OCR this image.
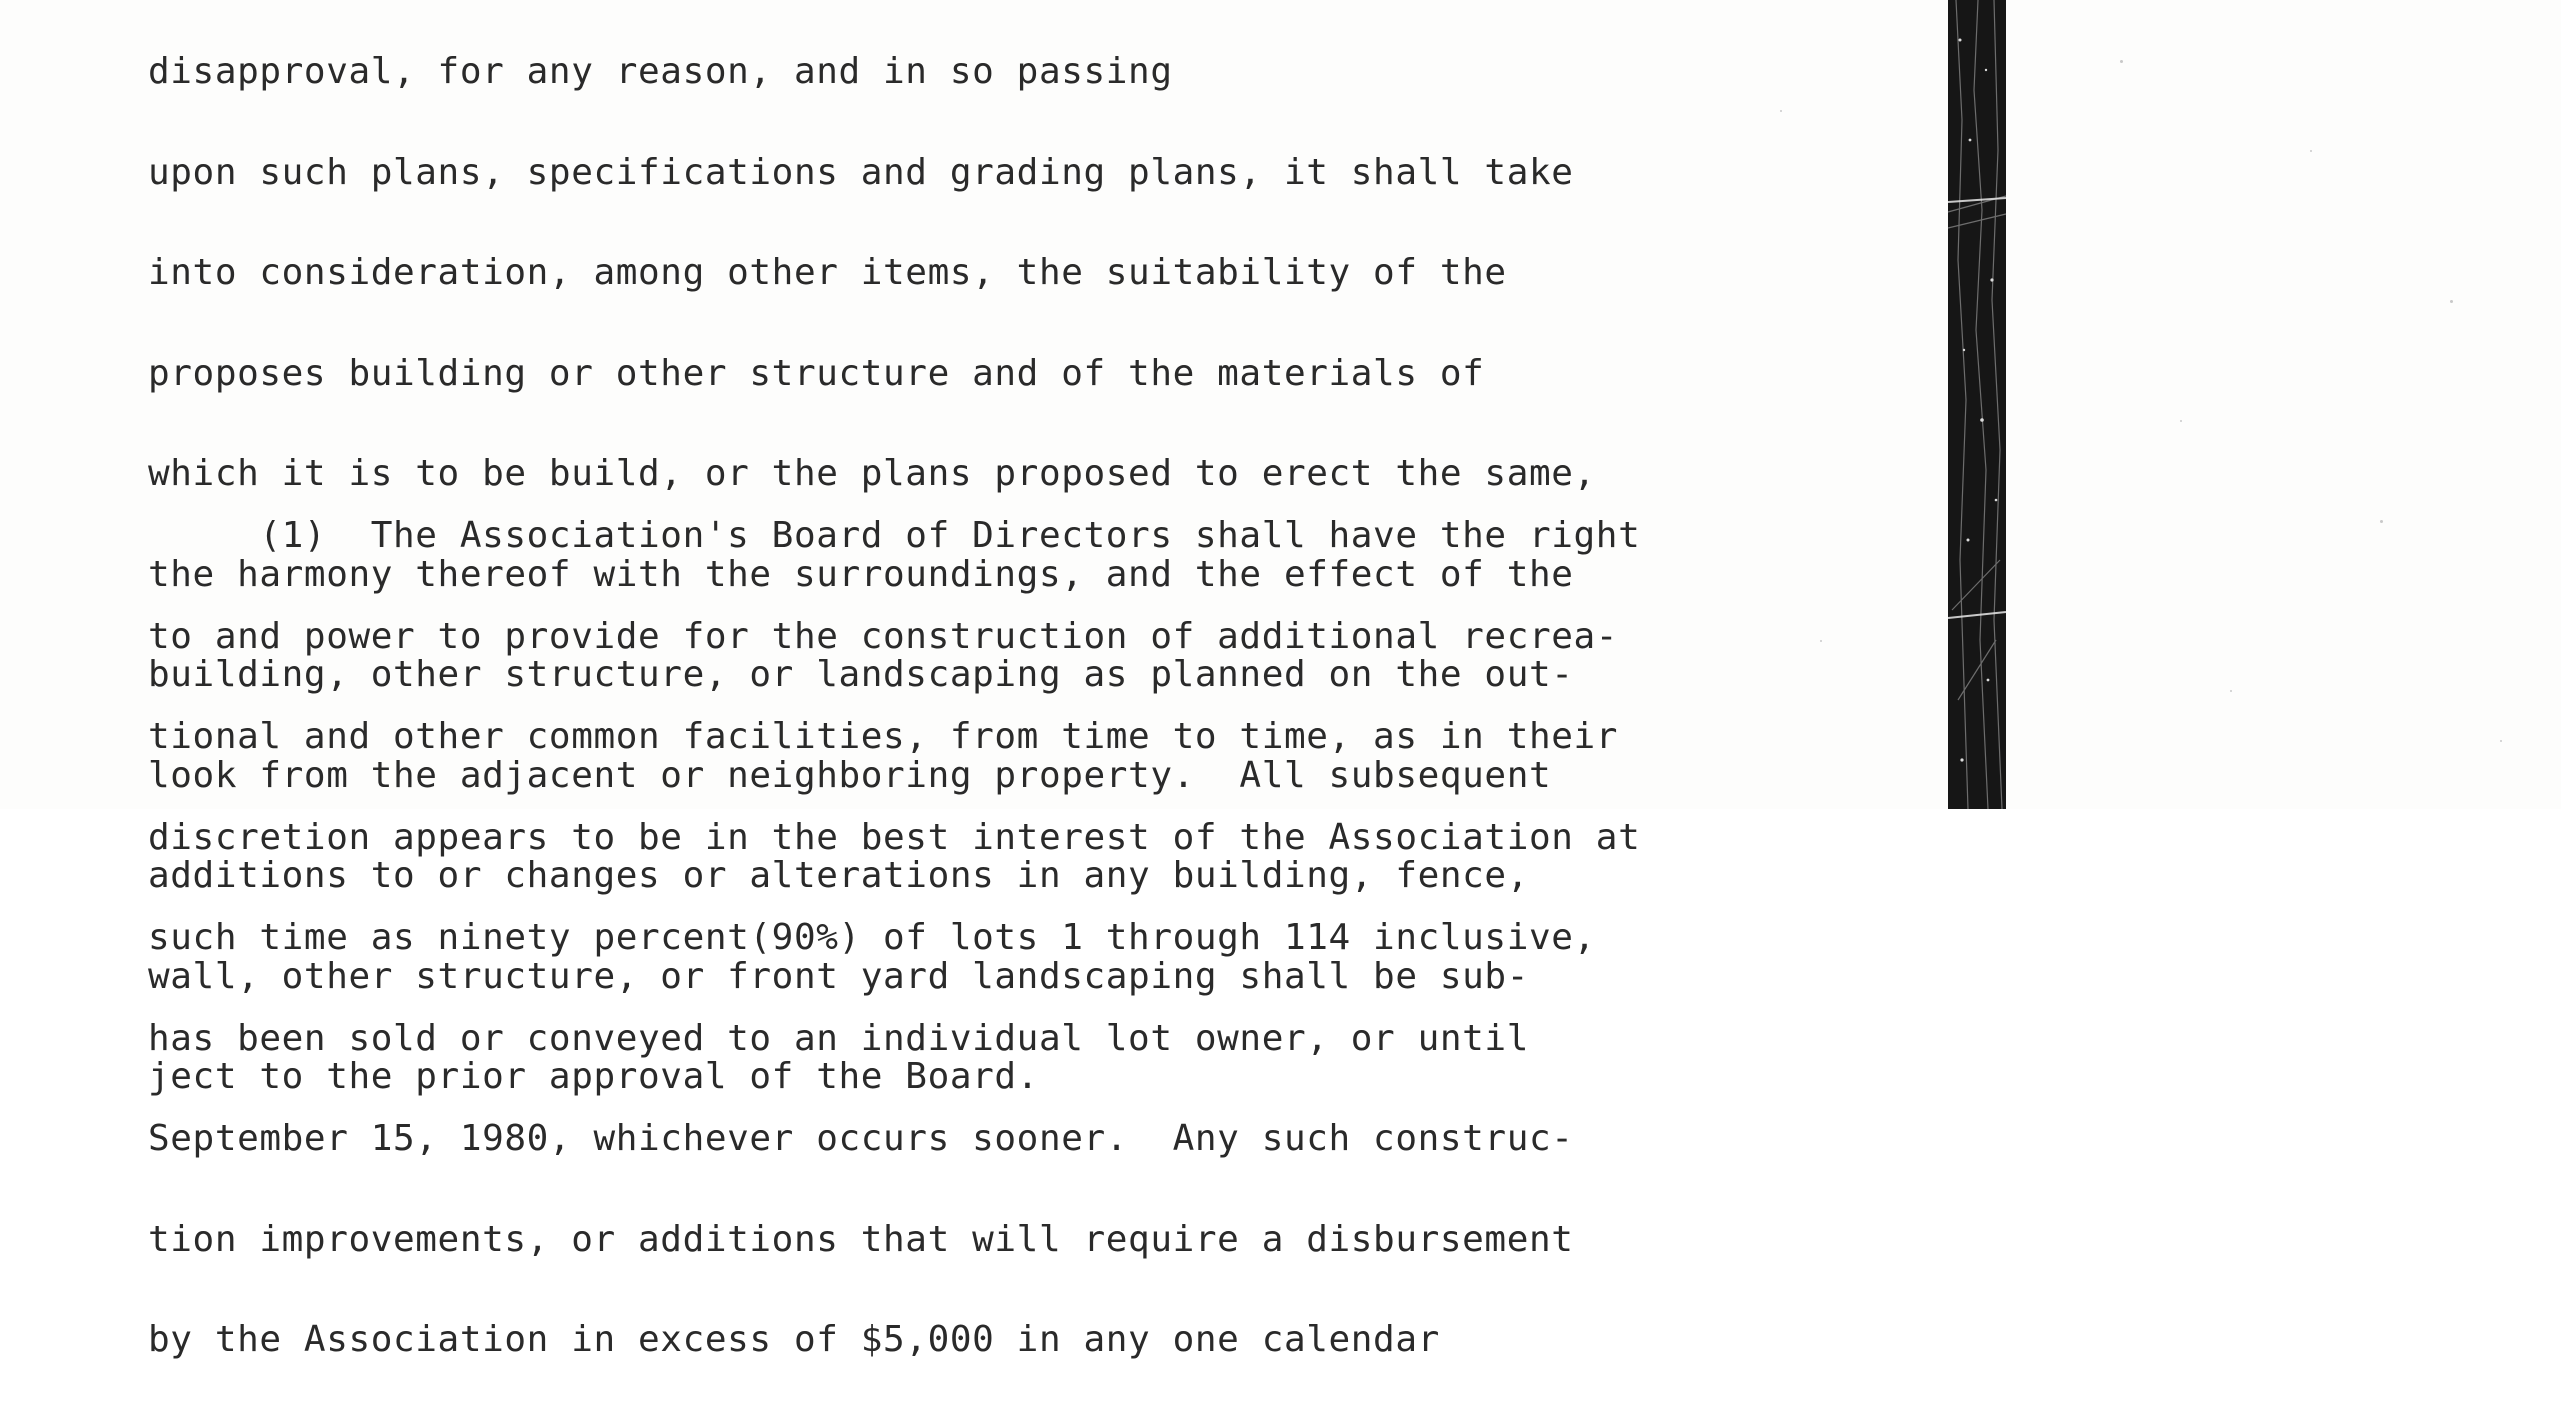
disapproval, for any reason, and in so passing

upon such plans, specifications and grading plans, it shall take

into consideration, among other items, the suitability of the

proposes building or other structure and of the materials of

which it is to be build, or the plans proposed to erect the same,

the harmony thereof with the surroundings, and the effect of the

building, other structure, or landscaping as planned on the out-

look from the adjacent or neighboring property.  All subsequent

additions to or changes or alterations in any building, fence,

wall, other structure, or front yard landscaping shall be sub-

ject to the prior approval of the Board.

(1)  The Association's Board of Directors shall have the right

to and power to provide for the construction of additional recrea-

tional and other common facilities, from time to time, as in their

discretion appears to be in the best interest of the Association at

such time as ninety percent(90%) of lots 1 through 114 inclusive,

has been sold or conveyed to an individual lot owner, or until

September 15, 1980, whichever occurs sooner.  Any such construc-

tion improvements, or additions that will require a disbursement

by the Association in excess of $5,000 in any one calendar
